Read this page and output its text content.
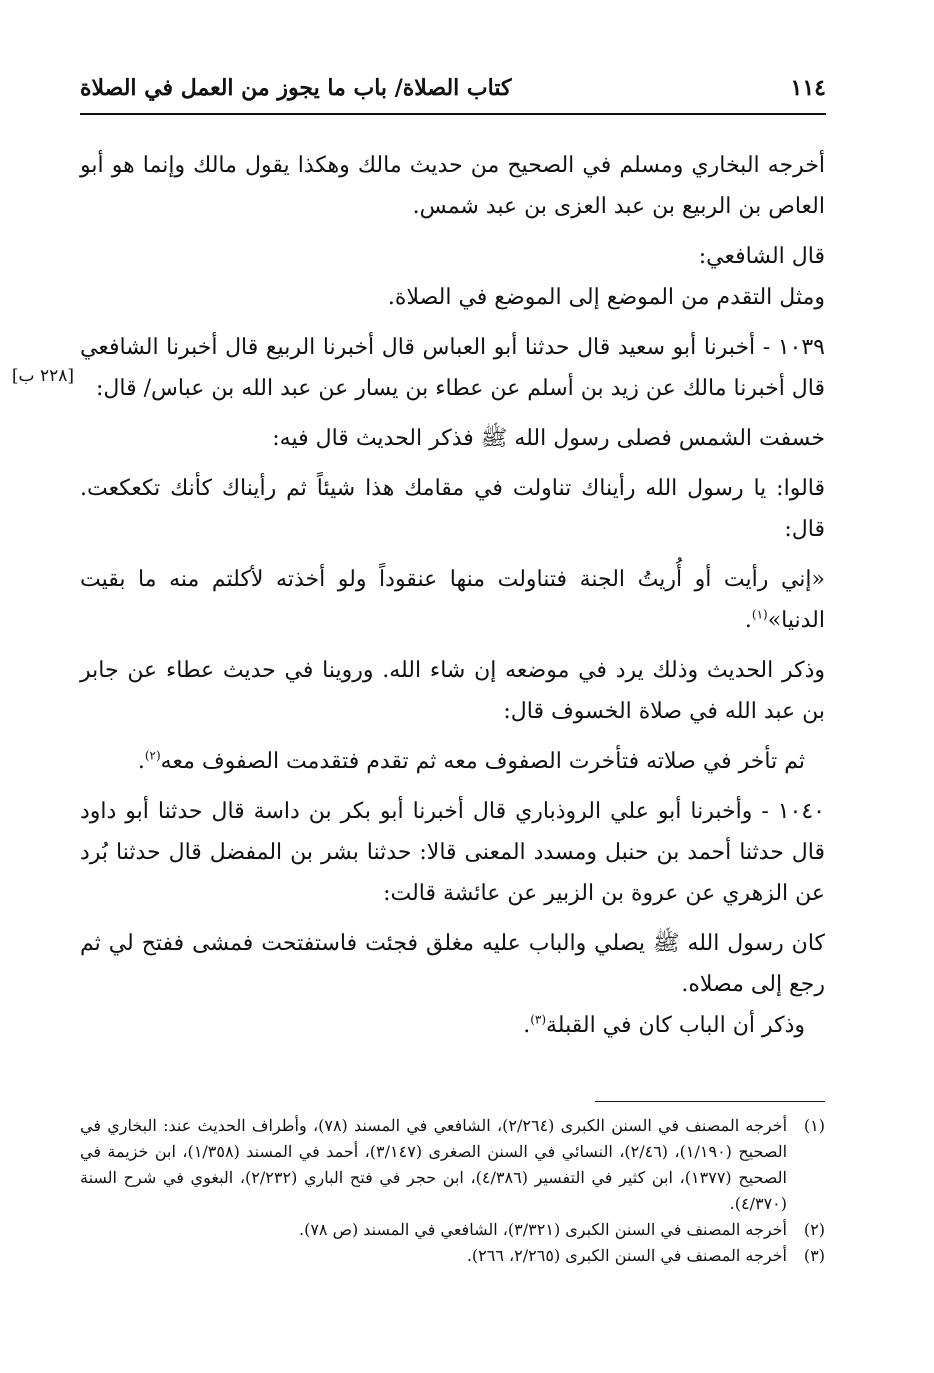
١١٤
كتاب الصلاة/ باب ما يجوز من العمل في الصلاة
[٢٢٨ ب]

أخرجه البخاري ومسلم في الصحيح من حديث مالك وهكذا يقول مالك وإنما هو أبو العاص بن الربيع بن عبد العزى بن عبد شمس.

قال الشافعي:

ومثل التقدم من الموضع إلى الموضع في الصلاة.

١٠٣٩ - أخبرنا أبو سعيد قال حدثنا أبو العباس قال أخبرنا الربيع قال أخبرنا الشافعي قال أخبرنا مالك عن زيد بن أسلم عن عطاء بن يسار عن عبد الله بن عباس/ قال:

خسفت الشمس فصلى رسول الله ﷺ فذكر الحديث قال فيه:

قالوا: يا رسول الله رأيناك تناولت في مقامك هذا شيئاً ثم رأيناك كأنك تكعكعت. قال:

«إني رأيت أو أُريتُ الجنة فتناولت منها عنقوداً ولو أخذته لأكلتم منه ما بقيت الدنيا»$^{(١)}$.

وذكر الحديث وذلك يرد في موضعه إن شاء الله. وروينا في حديث عطاء عن جابر بن عبد الله في صلاة الخسوف قال:

ثم تأخر في صلاته فتأخرت الصفوف معه ثم تقدم فتقدمت الصفوف معه$^{(٢)}$.

١٠٤٠ - وأخبرنا أبو علي الروذباري قال أخبرنا أبو بكر بن داسة قال حدثنا أبو داود قال حدثنا أحمد بن حنبل ومسدد المعنى قالا: حدثنا بشر بن المفضل قال حدثنا بُرد عن الزهري عن عروة بن الزبير عن عائشة قالت:

كان رسول الله ﷺ يصلي والباب عليه مغلق فجئت فاستفتحت فمشى ففتح لي ثم رجع إلى مصلاه.

وذكر أن الباب كان في القبلة$^{(٣)}$.

(١)
أخرجه المصنف في السنن الكبرى (٢/٢٦٤)، الشافعي في المسند (٧٨)، وأطراف الحديث عند: البخاري في الصحيح (١/١٩٠)، (٢/٤٦)، النسائي في السنن الصغرى (٣/١٤٧)، أحمد في المسند (١/٣٥٨)، ابن خزيمة في الصحيح (١٣٧٧)، ابن كثير في التفسير (٤/٣٨٦)، ابن حجر في فتح الباري (٢/٢٣٢)، البغوي في شرح السنة (٤/٣٧٠).
(٢)
أخرجه المصنف في السنن الكبرى (٣/٣٢١)، الشافعي في المسند (ص ٧٨).
(٣)
أخرجه المصنف في السنن الكبرى (٢/٢٦٥، ٢٦٦).
